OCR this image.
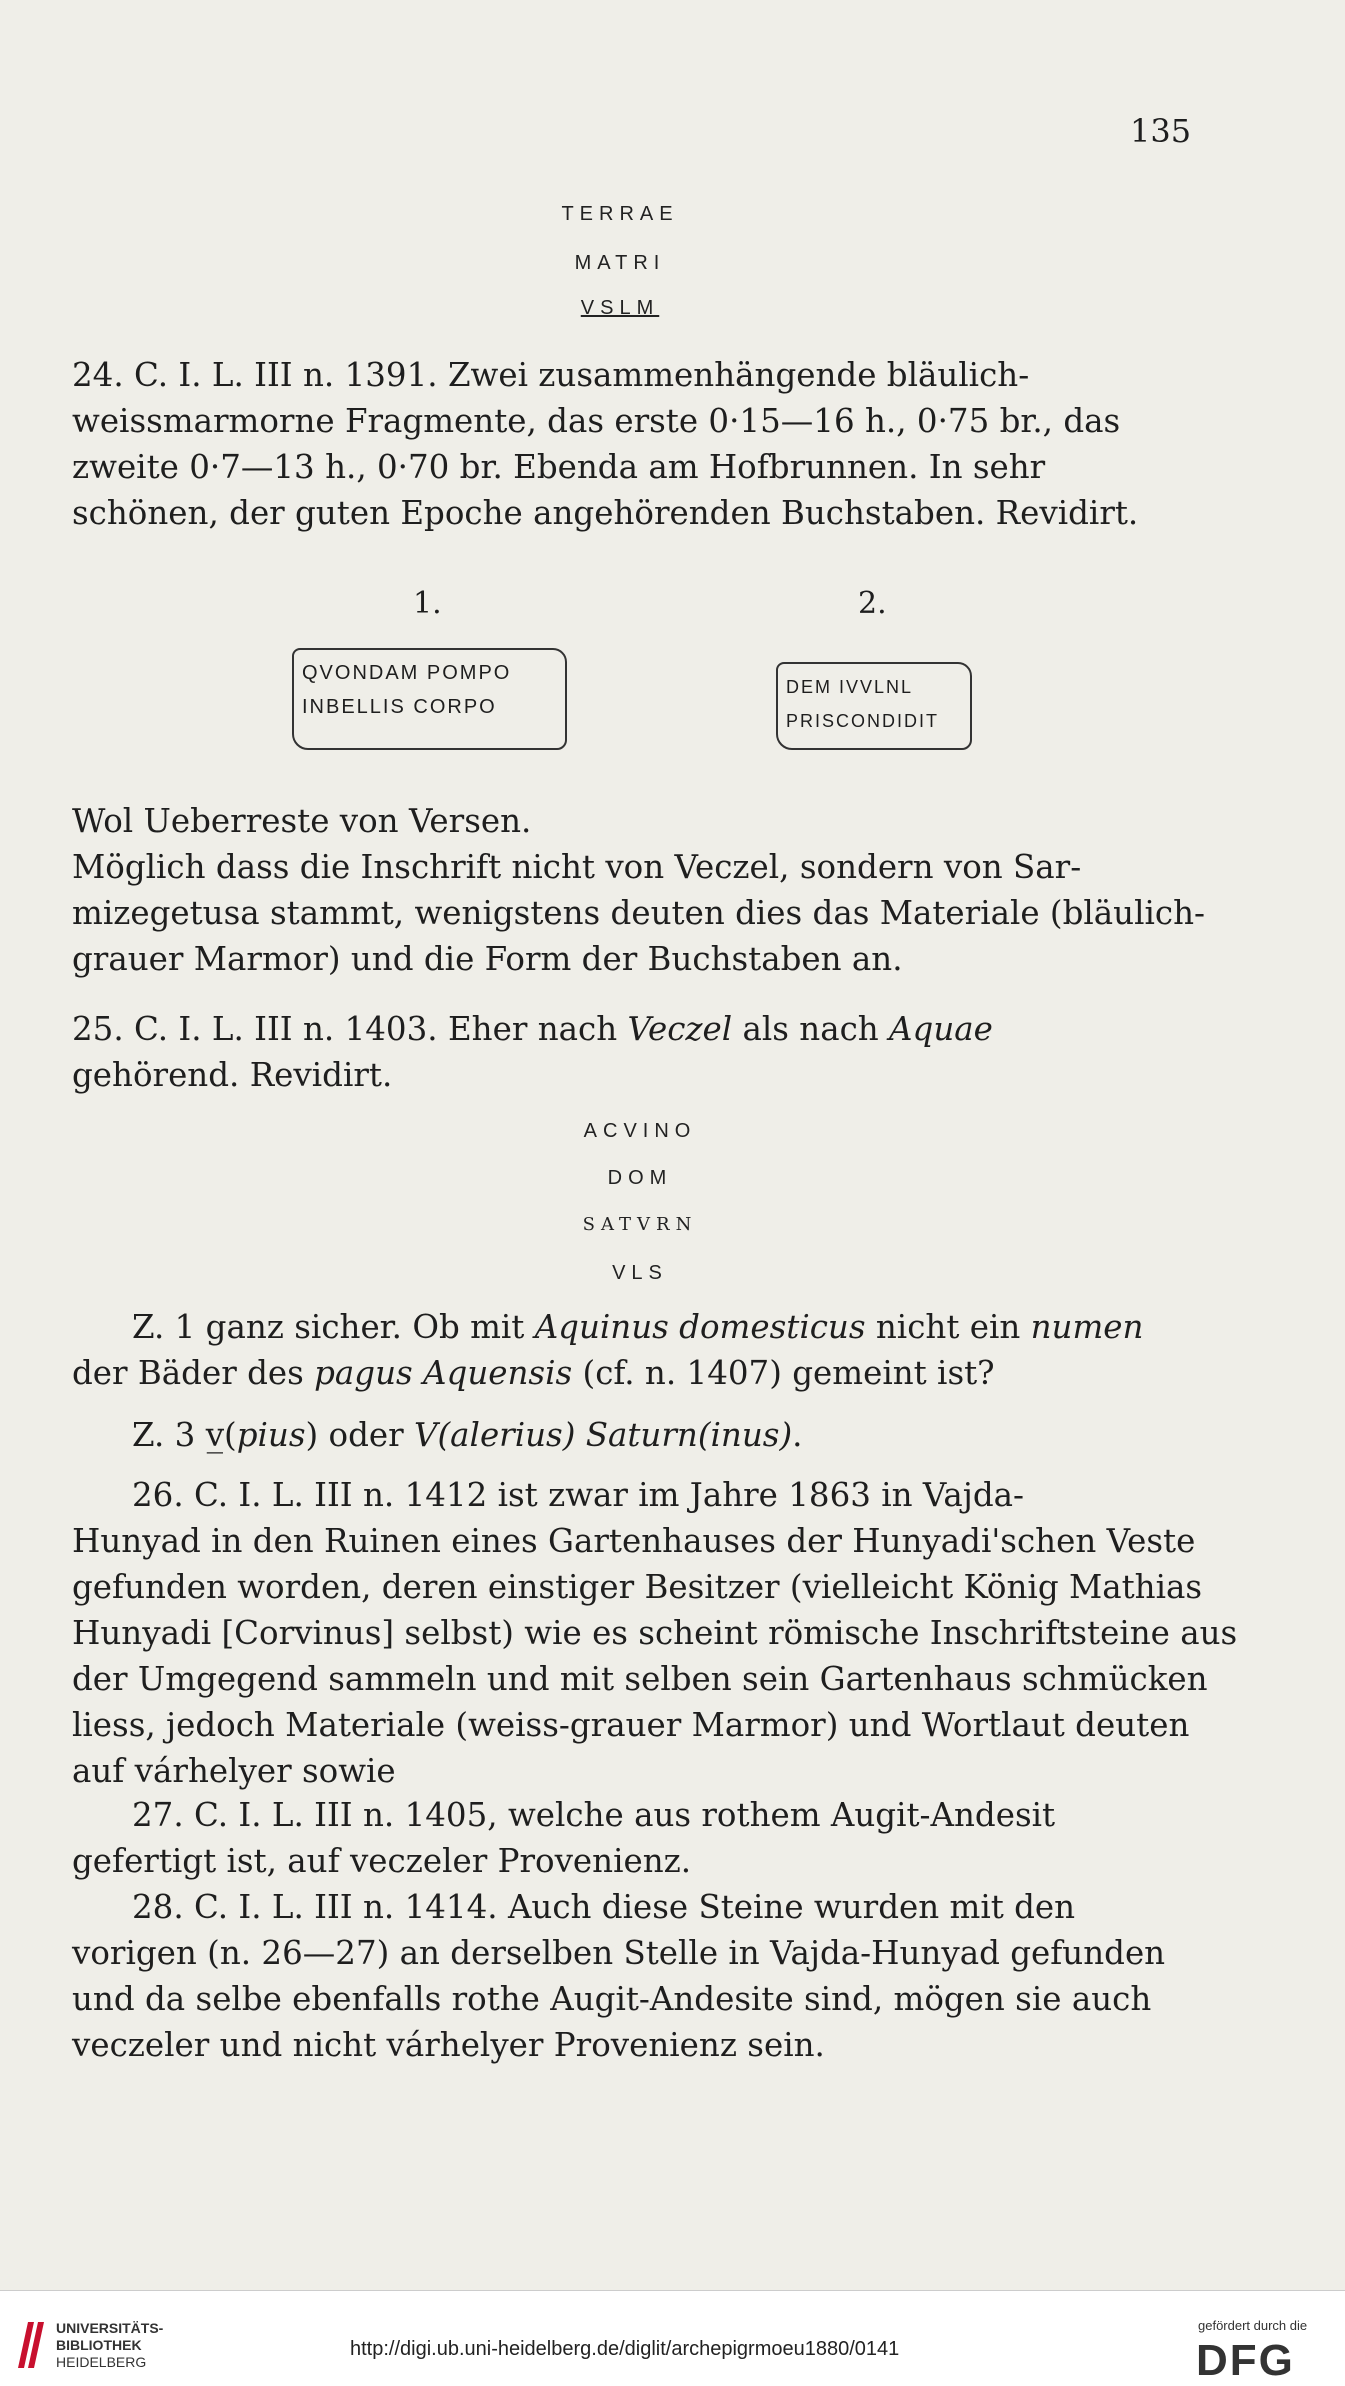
135
TERRAE
MATRI
VSLM
24. C. I. L. III n. 1391. Zwei zusammenhängende bläulich-
weissmarmorne Fragmente, das erste 0·15—16 h., 0·75 br., das
zweite 0·7—13 h., 0·70 br. Ebenda am Hofbrunnen. In sehr
schönen, der guten Epoche angehörenden Buchstaben. Revidirt.
1.	2.
QVONDAM POMPO
INBELLIS CORPO
DEM IVVLNL
PRISCONDIDIT
Wol Ueberreste von Versen.
Möglich dass die Inschrift nicht von Veczel, sondern von Sar-
mizegetusa stammt, wenigstens deuten dies das Materiale (bläulich-
grauer Marmor) und die Form der Buchstaben an.
25. C. I. L. III n. 1403. Eher nach Veczel als nach Aquae
gehörend. Revidirt.
ACVINO
DOM
SATVRN
VLS
Z. 1 ganz sicher. Ob mit Aquinus domesticus nicht ein numen
der Bäder des pagus Aquensis (cf. n. 1407) gemeint ist?
Z. 3 v̲(pius) oder V(alerius) Saturn(inus).
26. C. I. L. III n. 1412 ist zwar im Jahre 1863 in Vajda-
Hunyad in den Ruinen eines Gartenhauses der Hunyadi'schen Veste
gefunden worden, deren einstiger Besitzer (vielleicht König Mathias
Hunyadi [Corvinus] selbst) wie es scheint römische Inschriftsteine aus
der Umgegend sammeln und mit selben sein Gartenhaus schmücken
liess, jedoch Materiale (weiss-grauer Marmor) und Wortlaut deuten
auf várhelyer sowie
27. C. I. L. III n. 1405, welche aus rothem Augit-Andesit
gefertigt ist, auf veczeler Provenienz.
28. C. I. L. III n. 1414. Auch diese Steine wurden mit den
vorigen (n. 26—27) an derselben Stelle in Vajda-Hunyad gefunden
und da selbe ebenfalls rothe Augit-Andesite sind, mögen sie auch
veczeler und nicht várhelyer Provenienz sein.
UNIVERSITÄTS-
BIBLIOTHEK
HEIDELBERG
http://digi.ub.uni-heidelberg.de/diglit/archepigrmoeu1880/0141
gefördert durch die
DFG
